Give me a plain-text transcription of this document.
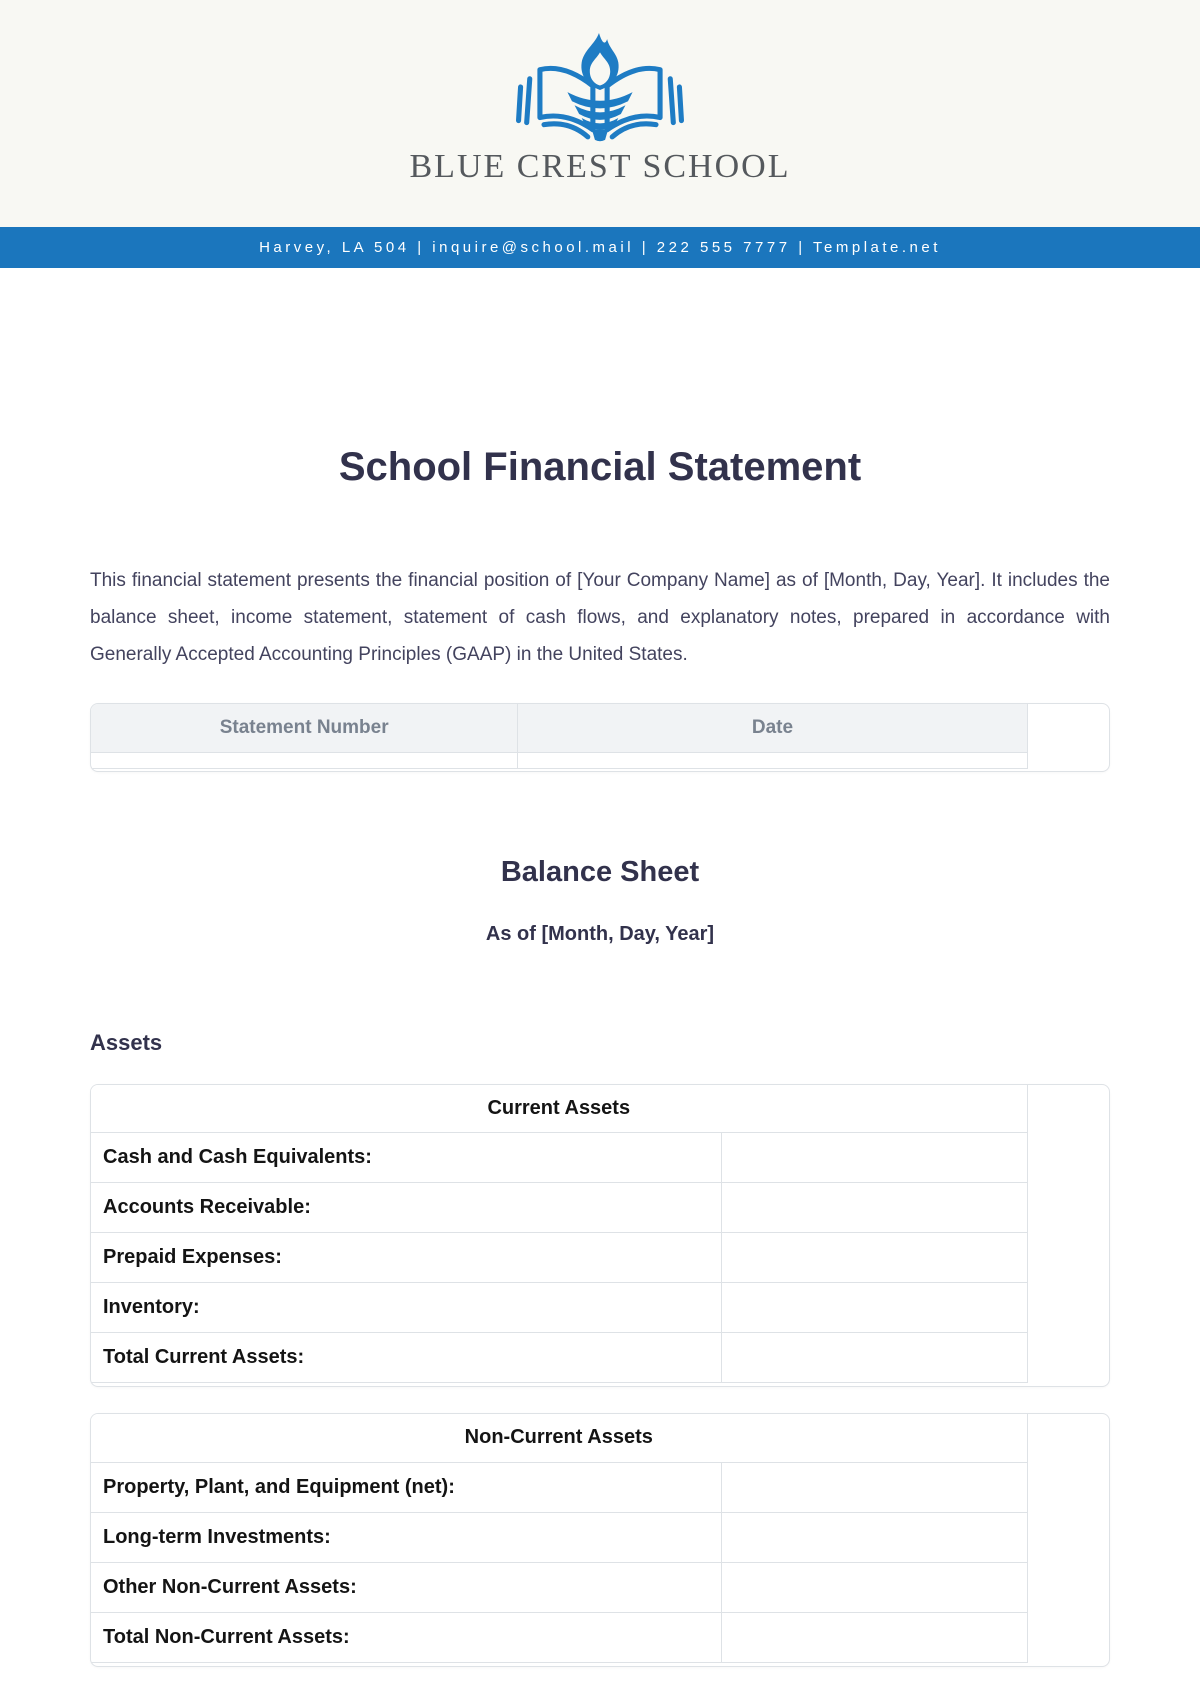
BLUE CREST SCHOOL
Harvey, LA 504 | inquire@school.mail | 222 555 7777 | Template.net
School Financial Statement

This financial statement presents the financial position of [Your Company Name] as of [Month, Day, Year]. It includes the balance sheet, income statement, statement of cash flows, and explanatory notes, prepared in accordance with Generally Accepted Accounting Principles (GAAP) in the United States.

Statement Number	Date

Balance Sheet
As of [Month, Day, Year]
Assets
Current Assets	
Cash and Cash Equivalents:	
Accounts Receivable:	
Prepaid Expenses:	
Inventory:	
Total Current Assets:	
Non-Current Assets	
Property, Plant, and Equipment (net):	
Long-term Investments:	
Other Non-Current Assets:	
Total Non-Current Assets:	
